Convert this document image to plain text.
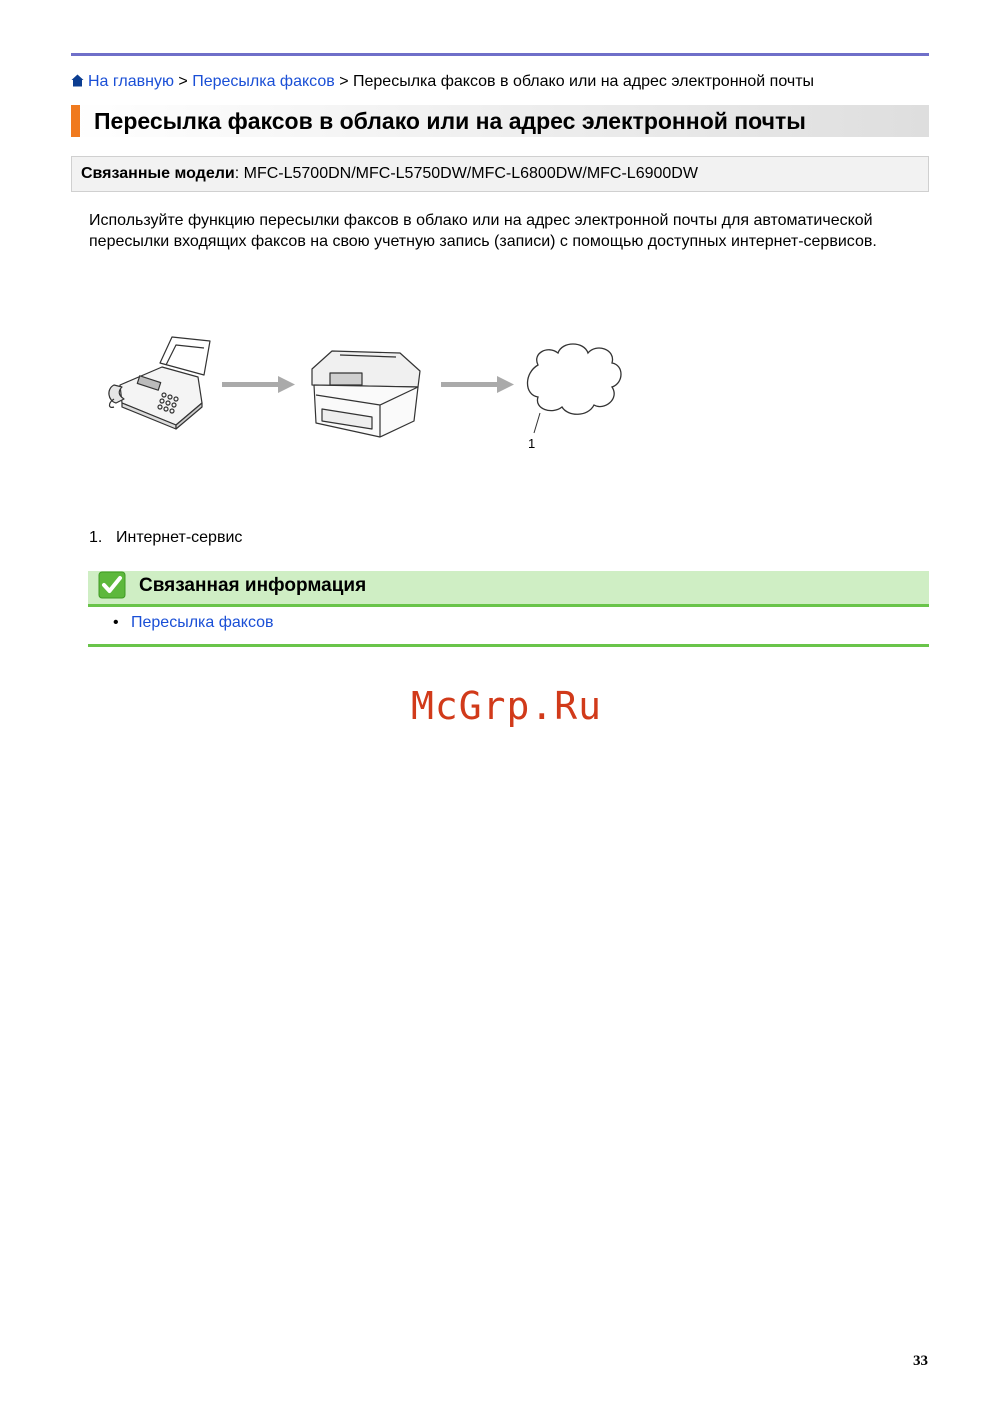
На главную > Пересылка факсов > Пересылка факсов в облако или на адрес электронной почты
Пересылка факсов в облако или на адрес электронной почты
Связанные модели: MFC-L5700DN/MFC-L5750DW/MFC-L6800DW/MFC-L6900DW

Используйте функцию пересылки факсов в облако или на адрес электронной почты для автоматической пересылки входящих факсов на свою учетную запись (записи) с помощью доступных интернет-сервисов.

1
1. Интернет-сервис
Связанная информация
• Пересылка факсов
McGrp.Ru
33
